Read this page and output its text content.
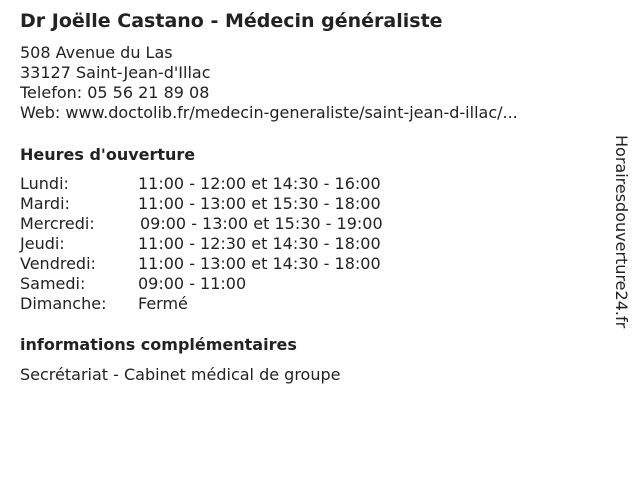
Dr Joëlle Castano - Médecin généraliste
508 Avenue du Las
33127 Saint-Jean-d'Illac
Telefon: 05 56 21 89 08
Web: www.doctolib.fr/medecin-generaliste/saint-jean-d-illac/...
Heures d'ouverture
Lundi:	11:00 - 12:00 et 14:30 - 16:00
Mardi:	11:00 - 13:00 et 15:30 - 18:00
Mercredi:	09:00 - 13:00 et 15:30 - 19:00
Jeudi:	11:00 - 12:30 et 14:30 - 18:00
Vendredi:	11:00 - 13:00 et 14:30 - 18:00
Samedi:	09:00 - 11:00
Dimanche:	Fermé
informations complémentaires
Secrétariat - Cabinet médical de groupe
Horairesdouverture24.fr
